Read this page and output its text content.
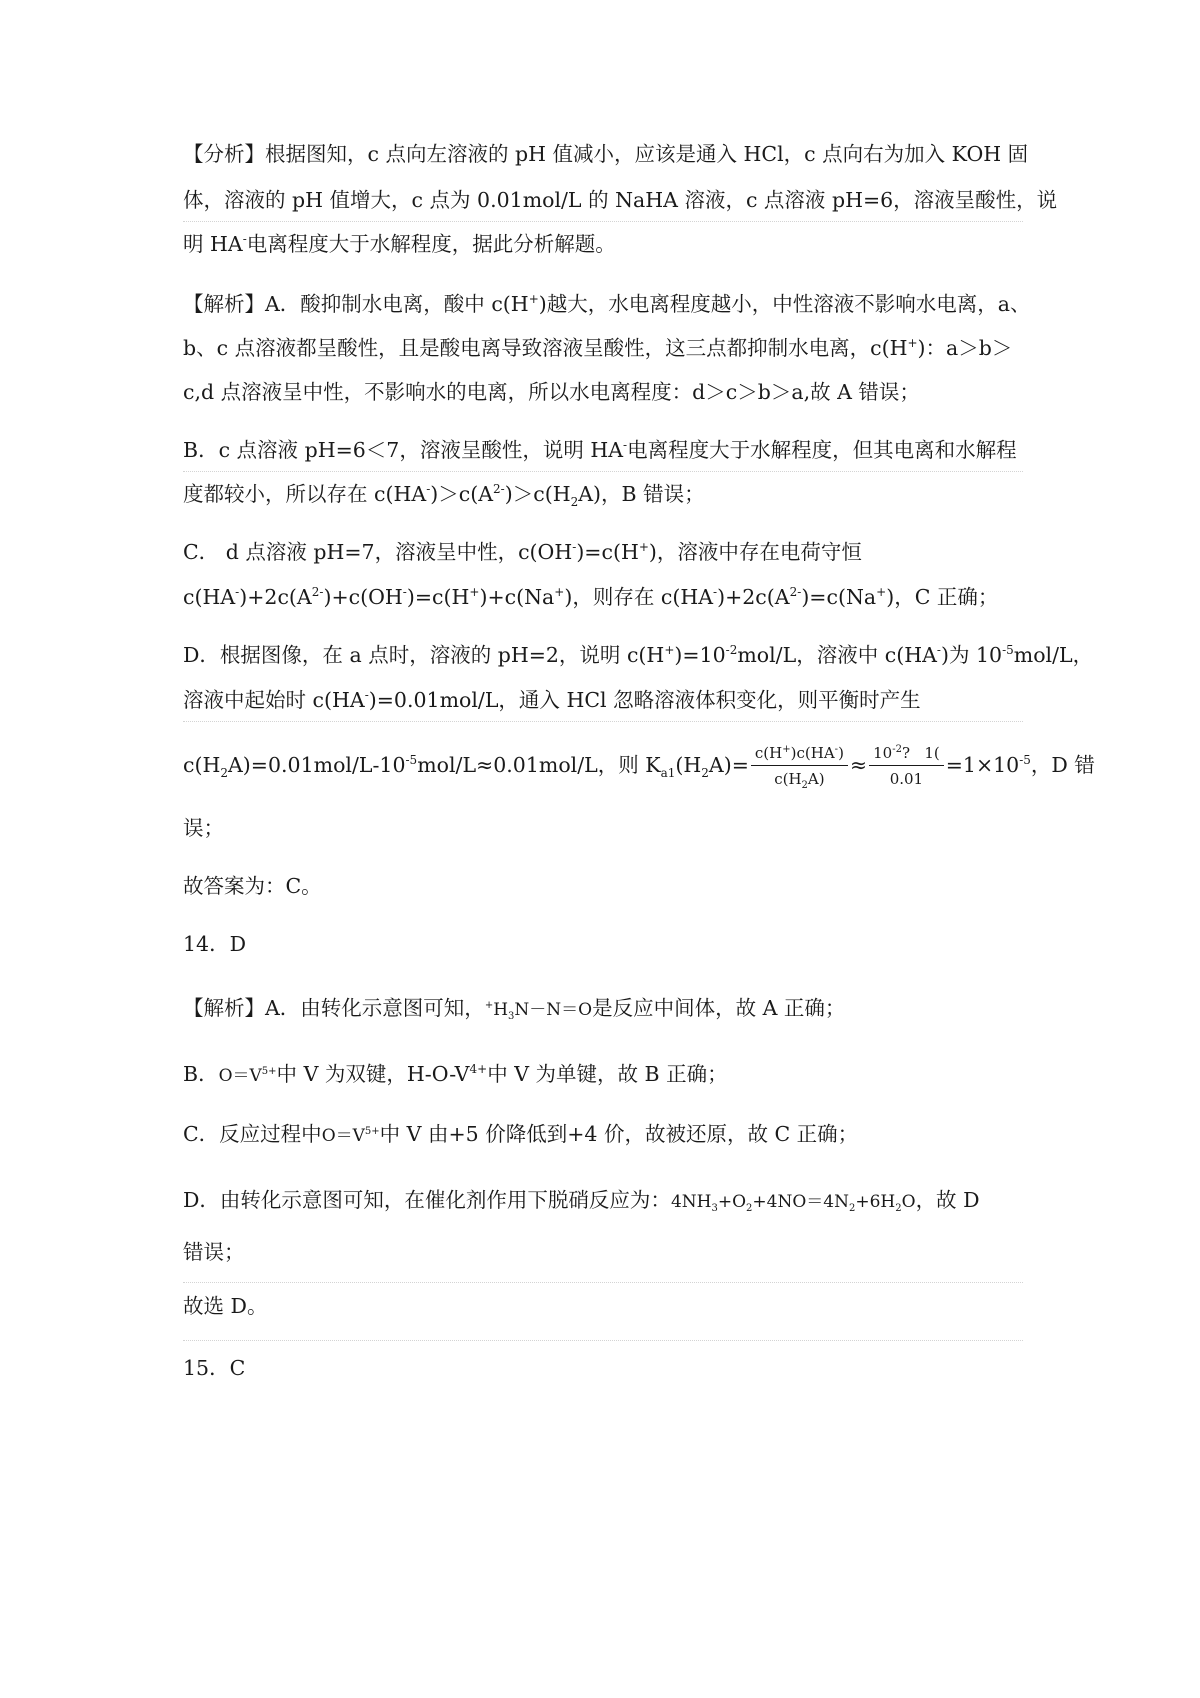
【分析】根据图知，c 点向左溶液的 pH 值减小，应该是通入 HCl，c 点向右为加入 KOH 固
体，溶液的 pH 值增大，c 点为 0.01mol/L 的 NaHA 溶液，c 点溶液 pH=6，溶液呈酸性，说
明 HA-电离程度大于水解程度，据此分析解题。
【解析】A．酸抑制水电离，酸中 c(H+)越大，水电离程度越小，中性溶液不影响水电离，a、
b、c 点溶液都呈酸性，且是酸电离导致溶液呈酸性，这三点都抑制水电离，c(H+)：a＞b＞
c,d 点溶液呈中性，不影响水的电离，所以水电离程度：d＞c＞b＞a,故 A 错误；
B．c 点溶液 pH=6＜7，溶液呈酸性，说明 HA-电离程度大于水解程度，但其电离和水解程
度都较小，所以存在 $c(HA^-)>c(A^{2-})>c(H_2A)$，B 错误；
C． d 点溶液 pH=7，溶液呈中性，c(OH-)=c(H+)，溶液中存在电荷守恒
$c(HA^-)+2c(A^{2-})+c(OH^-)=c(H^+)+c(Na^+)$，则存在 $c(HA^-)+2c(A^{2-})=c(Na^+)$，C 正确；
D．根据图像，在 a 点时，溶液的 pH=2，说明 $c(H^+)=10^{-2}mol/L$，溶液中 c(HA-)为 $10^{-5}mol/L$，
溶液中起始时 c(HA-)=0.01mol/L，通入 HCl 忽略溶液体积变化，则平衡时产生
$c(H_2A)=0.01mol/L-10^{-5}mol/L\approx 0.01mol/L$，则 $K_{a1}(H_2A)= \frac{c(H^+)c(HA^-)}{c(H_2A)} \approx \frac{10^{-2}? 1(}{0.01} =1\times 10^{-5}$，D 错
误；
故答案为：C。
14．D
【解析】A．由转化示意图可知，$^+H_3N-N=O$是反应中间体，故 A 正确；
B．$O=V^{5+}$中 V 为双键，$H-O-V^{4+}$中 V 为单键，故 B 正确；
C．反应过程中$O=V^{5+}$中 V 由+5 价降低到+4 价，故被还原，故 C 正确；
D．由转化示意图可知，在催化剂作用下脱硝反应为：$4NH_3+O_2+4NO=4N_2+6H_2O$，故 D
错误；
故选 D。
15．C
